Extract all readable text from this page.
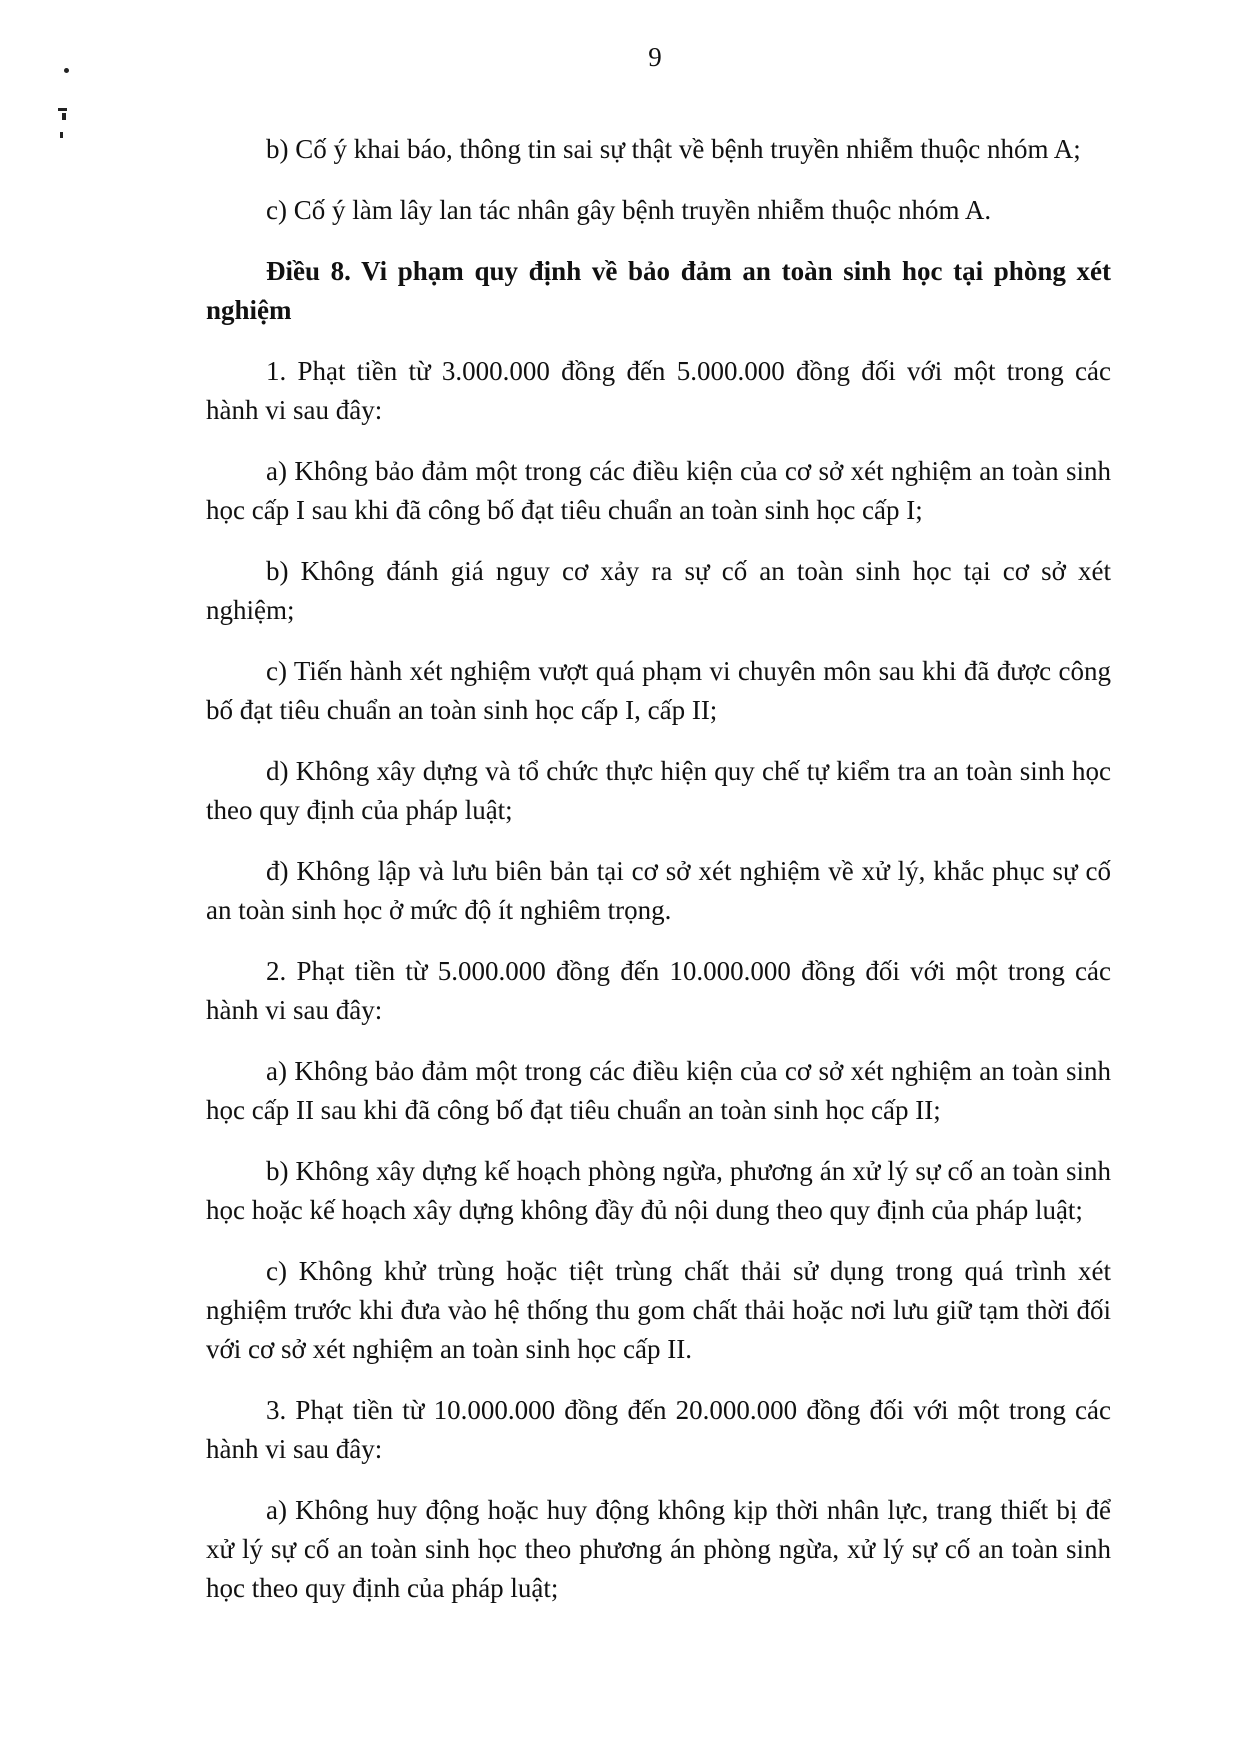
9

b) Cố ý khai báo, thông tin sai sự thật về bệnh truyền nhiễm thuộc nhóm A;

c) Cố ý làm lây lan tác nhân gây bệnh truyền nhiễm thuộc nhóm A.

Điều 8. Vi phạm quy định về bảo đảm an toàn sinh học tại phòng xét nghiệm

1. Phạt tiền từ 3.000.000 đồng đến 5.000.000 đồng đối với một trong các hành vi sau đây:

a) Không bảo đảm một trong các điều kiện của cơ sở xét nghiệm an toàn sinh học cấp I sau khi đã công bố đạt tiêu chuẩn an toàn sinh học cấp I;

b) Không đánh giá nguy cơ xảy ra sự cố an toàn sinh học tại cơ sở xét nghiệm;

c) Tiến hành xét nghiệm vượt quá phạm vi chuyên môn sau khi đã được công bố đạt tiêu chuẩn an toàn sinh học cấp I, cấp II;

d) Không xây dựng và tổ chức thực hiện quy chế tự kiểm tra an toàn sinh học theo quy định của pháp luật;

đ) Không lập và lưu biên bản tại cơ sở xét nghiệm về xử lý, khắc phục sự cố an toàn sinh học ở mức độ ít nghiêm trọng.

2. Phạt tiền từ 5.000.000 đồng đến 10.000.000 đồng đối với một trong các hành vi sau đây:

a) Không bảo đảm một trong các điều kiện của cơ sở xét nghiệm an toàn sinh học cấp II sau khi đã công bố đạt tiêu chuẩn an toàn sinh học cấp II;

b) Không xây dựng kế hoạch phòng ngừa, phương án xử lý sự cố an toàn sinh học hoặc kế hoạch xây dựng không đầy đủ nội dung theo quy định của pháp luật;

c) Không khử trùng hoặc tiệt trùng chất thải sử dụng trong quá trình xét nghiệm trước khi đưa vào hệ thống thu gom chất thải hoặc nơi lưu giữ tạm thời đối với cơ sở xét nghiệm an toàn sinh học cấp II.

3. Phạt tiền từ 10.000.000 đồng đến 20.000.000 đồng đối với một trong các hành vi sau đây:

a) Không huy động hoặc huy động không kịp thời nhân lực, trang thiết bị để xử lý sự cố an toàn sinh học theo phương án phòng ngừa, xử lý sự cố an toàn sinh học theo quy định của pháp luật;
